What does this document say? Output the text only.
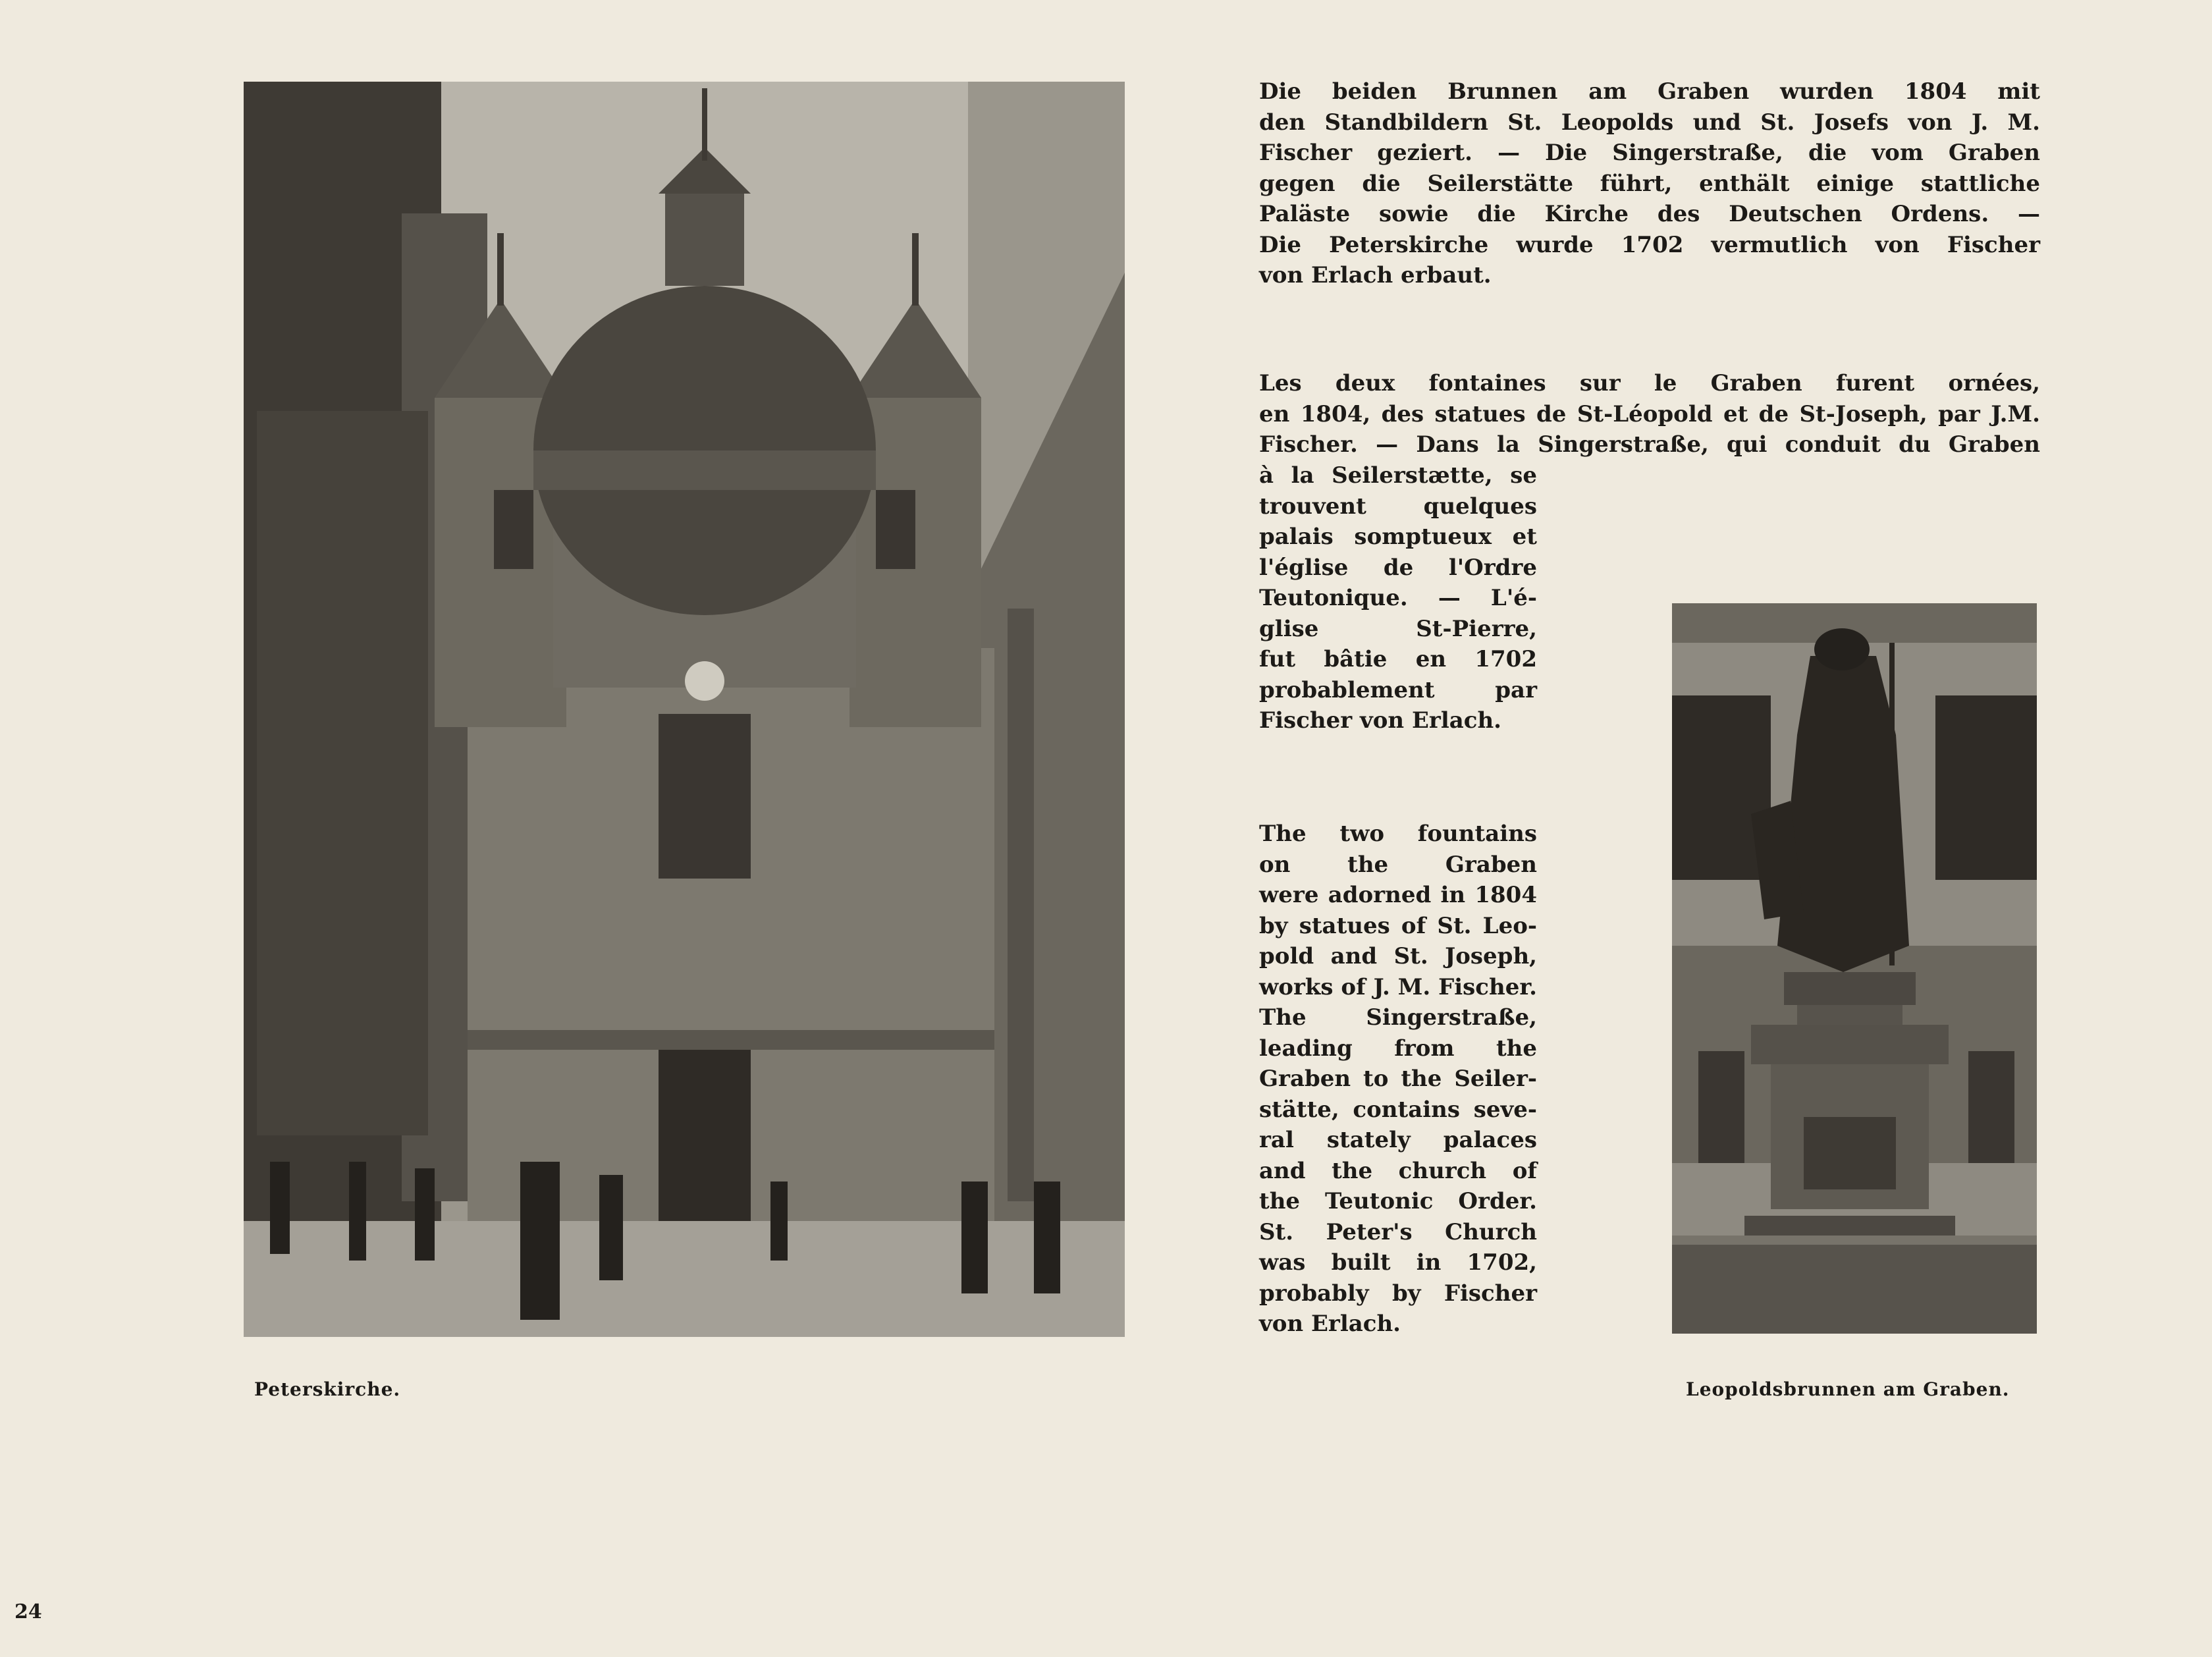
Peterskirche.	Leopoldsbrunnen am Graben.
Die beiden Brunnen am Graben wurden 1804 mit
den Standbildern St. Leopolds und St. Josefs von J. M.
Fischer geziert. — Die Singerstraße, die vom Graben
gegen die Seilerstätte führt, enthält einige stattliche
Paläste sowie die Kirche des Deutschen Ordens. —
Die Peterskirche wurde 1702 vermutlich von Fischer
von Erlach erbaut.
Les deux fontaines sur le Graben furent ornées,
en 1804, des statues de St-Léopold et de St-Joseph, par J.M.
Fischer. — Dans la Singerstraße, qui conduit du Graben
à la Seilerstætte, se
trouvent quelques
palais somptueux et
l'église de l'Ordre
Teutonique. — L'é-
glise St-Pierre,
fut bâtie en 1702
probablement par
Fischer von Erlach.
The two fountains
on the Graben
were adorned in 1804
by statues of St. Leo-
pold and St. Joseph,
works of J. M. Fischer.
The Singerstraße,
leading from the
Graben to the Seiler-
stätte, contains seve-
ral stately palaces
and the church of
the Teutonic Order.
St. Peter's Church
was built in 1702,
probably by Fischer
von Erlach.
24
